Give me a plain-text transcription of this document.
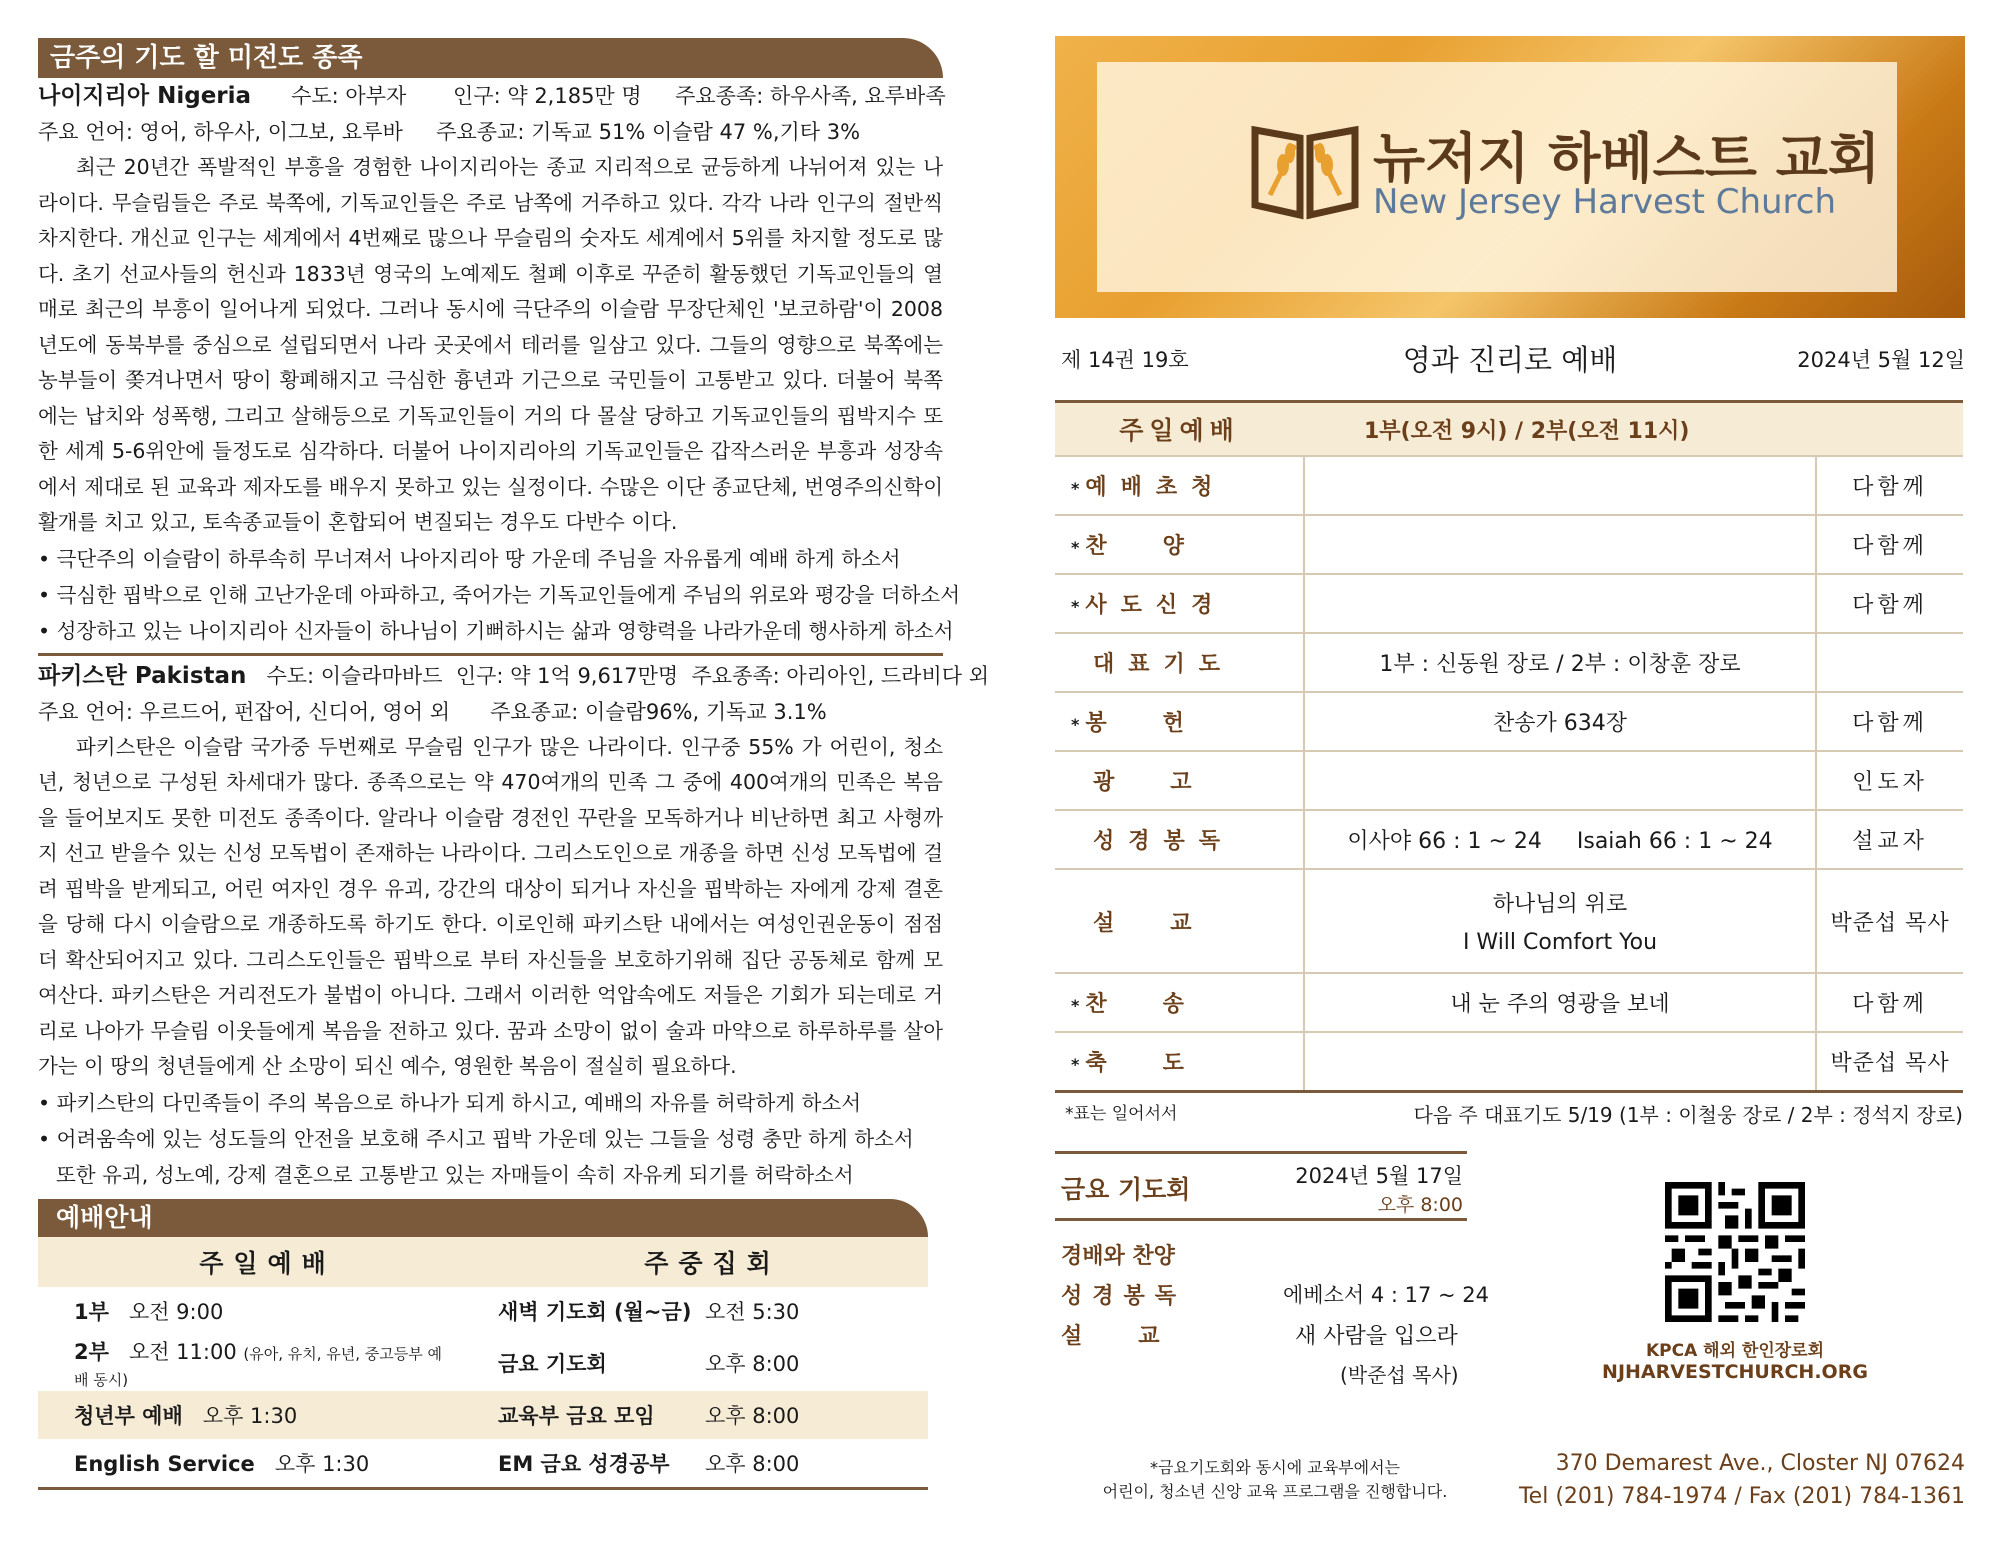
금주의 기도 할 미전도 종족
나이지리아 Nigeria 수도: 아부자 인구: 약 2,185만 명 주요종족: 하우사족, 요루바족
주요 언어: 영어, 하우사, 이그보, 요루바 주요종교: 기독교 51% 이슬람 47 %,기타 3%

최근 20년간 폭발적인 부흥을 경험한 나이지리아는 종교 지리적으로 균등하게 나뉘어져 있는 나라이다. 무슬림들은 주로 북쪽에, 기독교인들은 주로 남쪽에 거주하고 있다. 각각 나라 인구의 절반씩 차지한다. 개신교 인구는 세계에서 4번째로 많으나 무슬림의 숫자도 세계에서 5위를 차지할 정도로 많다. 초기 선교사들의 헌신과 1833년 영국의 노예제도 철폐 이후로 꾸준히 활동했던 기독교인들의 열매로 최근의 부흥이 일어나게 되었다. 그러나 동시에 극단주의 이슬람 무장단체인 '보코하람'이 2008년도에 동북부를 중심으로 설립되면서 나라 곳곳에서 테러를 일삼고 있다. 그들의 영향으로 북쪽에는 농부들이 쫒겨나면서 땅이 황폐해지고 극심한 흉년과 기근으로 국민들이 고통받고 있다. 더불어 북쪽에는 납치와 성폭행, 그리고 살해등으로 기독교인들이 거의 다 몰살 당하고 기독교인들의 핍박지수 또한 세계 5-6위안에 들정도로 심각하다. 더불어 나이지리아의 기독교인들은 갑작스러운 부흥과 성장속에서 제대로 된 교육과 제자도를 배우지 못하고 있는 실정이다. 수많은 이단 종교단체, 번영주의신학이 활개를 치고 있고, 토속종교들이 혼합되어 변질되는 경우도 다반수 이다.

• 극단주의 이슬람이 하루속히 무너져서 나아지리아 땅 가운데 주님을 자유롭게 예배 하게 하소서
• 극심한 핍박으로 인해 고난가운데 아파하고, 죽어가는 기독교인들에게 주님의 위로와 평강을 더하소서
• 성장하고 있는 나이지리아 신자들이 하나님이 기뻐하시는 삶과 영향력을 나라가운데 행사하게 하소서
파키스탄 Pakistan 수도: 이슬라마바드 인구: 약 1억 9,617만명 주요종족: 아리아인, 드라비다 외
주요 언어: 우르드어, 펀잡어, 신디어, 영어 외 주요종교: 이슬람96%, 기독교 3.1%

파키스탄은 이슬람 국가중 두번째로 무슬림 인구가 많은 나라이다. 인구중 55% 가 어린이, 청소년, 청년으로 구성된 차세대가 많다. 종족으로는 약 470여개의 민족 그 중에 400여개의 민족은 복음을 들어보지도 못한 미전도 종족이다. 알라나 이슬람 경전인 꾸란을 모독하거나 비난하면 최고 사형까지 선고 받을수 있는 신성 모독법이 존재하는 나라이다. 그리스도인으로 개종을 하면 신성 모독법에 걸려 핍박을 받게되고, 어린 여자인 경우 유괴, 강간의 대상이 되거나 자신을 핍박하는 자에게 강제 결혼을 당해 다시 이슬람으로 개종하도록 하기도 한다. 이로인해 파키스탄 내에서는 여성인권운동이 점점 더 확산되어지고 있다. 그리스도인들은 핍박으로 부터 자신들을 보호하기위해 집단 공동체로 함께 모여산다. 파키스탄은 거리전도가 불법이 아니다. 그래서 이러한 억압속에도 저들은 기회가 되는데로 거리로 나아가 무슬림 이웃들에게 복음을 전하고 있다. 꿈과 소망이 없이 술과 마약으로 하루하루를 살아가는 이 땅의 청년들에게 산 소망이 되신 예수, 영원한 복음이 절실히 필요하다.

• 파키스탄의 다민족들이 주의 복음으로 하나가 되게 하시고, 예배의 자유를 허락하게 하소서
• 어려움속에 있는 성도들의 안전을 보호해 주시고 핍박 가운데 있는 그들을 성령 충만 하게 하소서
또한 유괴, 성노예, 강제 결혼으로 고통받고 있는 자매들이 속히 자유케 되기를 허락하소서
예배안내
주일예배		주중집회	
1부 오전 9:00		새벽 기도회 (월~금)	오전 5:30
2부 오전 11:00 (유아, 유치, 유년, 중고등부 예배 동시)		금요 기도회	오후 8:00
청년부 예배 오후 1:30		교육부 금요 모임	오후 8:00
English Service 오후 1:30		EM 금요 성경공부	오후 8:00
뉴저지 하베스트 교회
New Jersey Harvest Church
제 14권 19호	영과 진리로 예배	2024년 5월 12일
주일예배	1부(오전 9시) / 2부(오전 11시)	
* 예배초청		다함께
* 찬양		다함께
* 사도신경		다함께
대표기도	1부 : 신동원 장로 / 2부 : 이창훈 장로	
* 봉헌	찬송가 634장	다함께
광고		인도자
성경봉독	이사야 66 : 1 ~ 24     Isaiah 66 : 1 ~ 24	설교자
설교	하나님의 위로
I Will Comfort You	박준섭 목사
* 찬송	내 눈 주의 영광을 보네	다함께
* 축도		박준섭 목사
*표는 일어서서	다음 주 대표기도 5/19 (1부 : 이철웅 장로 / 2부 : 정석지 장로)
금요 기도회	2024년 5월 17일
오후 8:00
경배와 찬양
성경봉독	에베소서 4 : 17 ~ 24
설교	새 사람을 입으라
(박준섭 목사)
*금요기도회와 동시에 교육부에서는
어린이, 청소년 신앙 교육 프로그램을 진행합니다.
KPCA 해외 한인장로회
NJHARVESTCHURCH.ORG
370 Demarest Ave., Closter NJ 07624
Tel (201) 784-1974 / Fax (201) 784-1361
